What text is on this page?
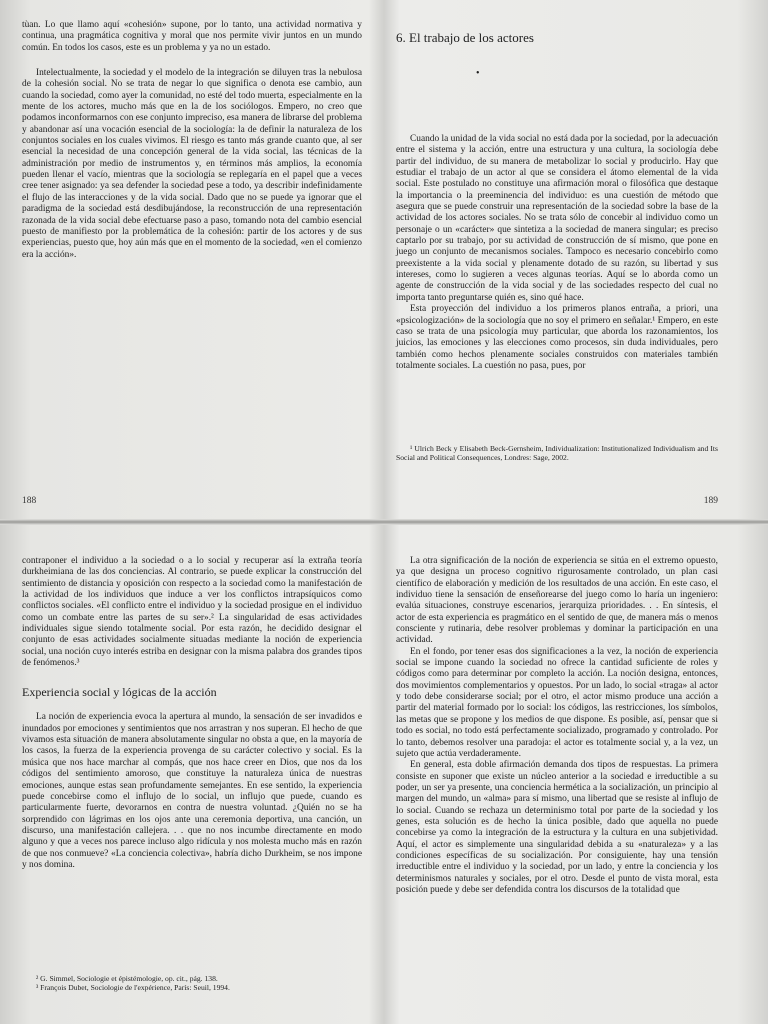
tùan. Lo que llamo aquí «cohesión» supone, por lo tanto, una actividad normativa y continua, una pragmática cognitiva y moral que nos permite vivir juntos en un mundo común. En todos los casos, este es un problema y ya no un estado.

Intelectualmente, la sociedad y el modelo de la integración se diluyen tras la nebulosa de la cohesión social. No se trata de negar lo que significa o denota ese cambio, aun cuando la sociedad, como ayer la comunidad, no esté del todo muerta, especialmente en la mente de los actores, mucho más que en la de los sociólogos. Empero, no creo que podamos inconformarnos con ese conjunto impreciso, esa manera de librarse del problema y abandonar así una vocación esencial de la sociología: la de definir la naturaleza de los conjuntos sociales en los cuales vivimos. El riesgo es tanto más grande cuanto que, al ser esencial la necesidad de una concepción general de la vida social, las técnicas de la administración por medio de instrumentos y, en términos más amplios, la economía pueden llenar el vacío, mientras que la sociología se replegaría en el papel que a veces cree tener asignado: ya sea defender la sociedad pese a todo, ya describir indefinidamente el flujo de las interacciones y de la vida social. Dado que no se puede ya ignorar que el paradigma de la sociedad está desdibujándose, la reconstrucción de una representación razonada de la vida social debe efectuarse paso a paso, tomando nota del cambio esencial puesto de manifiesto por la problemática de la cohesión: partir de los actores y de sus experiencias, puesto que, hoy aún más que en el momento de la sociedad, «en el comienzo era la acción».

188
6. El trabajo de los actores
•

Cuando la unidad de la vida social no está dada por la sociedad, por la adecuación entre el sistema y la acción, entre una estructura y una cultura, la sociología debe partir del individuo, de su manera de metabolizar lo social y producirlo. Hay que estudiar el trabajo de un actor al que se considera el átomo elemental de la vida social. Este postulado no constituye una afirmación moral o filosófica que destaque la importancia o la preeminencia del individuo: es una cuestión de método que asegura que se puede construir una representación de la sociedad sobre la base de la actividad de los actores sociales. No se trata sólo de concebir al individuo como un personaje o un «carácter» que sintetiza a la sociedad de manera singular; es preciso captarlo por su trabajo, por su actividad de construcción de sí mismo, que pone en juego un conjunto de mecanismos sociales. Tampoco es necesario concebirlo como preexistente a la vida social y plenamente dotado de su razón, su libertad y sus intereses, como lo sugieren a veces algunas teorías. Aquí se lo aborda como un agente de construcción de la vida social y de las sociedades respecto del cual no importa tanto preguntarse quién es, sino qué hace.

Esta proyección del individuo a los primeros planos entraña, a priori, una «psicologización» de la sociología que no soy el primero en señalar.¹ Empero, en este caso se trata de una psicología muy particular, que aborda los razonamientos, los juicios, las emociones y las elecciones como procesos, sin duda individuales, pero también como hechos plenamente sociales construidos con materiales también totalmente sociales. La cuestión no pasa, pues, por

¹ Ulrich Beck y Elisabeth Beck-Gernsheim, Individualization: Institutionalized Individualism and Its Social and Political Consequences, Londres: Sage, 2002.

189

contraponer el individuo a la sociedad o a lo social y recuperar así la extraña teoría durkheimiana de las dos conciencias. Al contrario, se puede explicar la construcción del sentimiento de distancia y oposición con respecto a la sociedad como la manifestación de la actividad de los individuos que induce a ver los conflictos intrapsíquicos como conflictos sociales. «El conflicto entre el individuo y la sociedad prosigue en el individuo como un combate entre las partes de su ser».² La singularidad de esas actividades individuales sigue siendo totalmente social. Por esta razón, he decidido designar el conjunto de esas actividades socialmente situadas mediante la noción de experiencia social, una noción cuyo interés estriba en designar con la misma palabra dos grandes tipos de fenómenos.³

Experiencia social y lógicas de la acción

La noción de experiencia evoca la apertura al mundo, la sensación de ser invadidos e inundados por emociones y sentimientos que nos arrastran y nos superan. El hecho de que vivamos esta situación de manera absolutamente singular no obsta a que, en la mayoría de los casos, la fuerza de la experiencia provenga de su carácter colectivo y social. Es la música que nos hace marchar al compás, que nos hace creer en Dios, que nos da los códigos del sentimiento amoroso, que constituye la naturaleza única de nuestras emociones, aunque estas sean profundamente semejantes. En ese sentido, la experiencia puede concebirse como el influjo de lo social, un influjo que puede, cuando es particularmente fuerte, devorarnos en contra de nuestra voluntad. ¿Quién no se ha sorprendido con lágrimas en los ojos ante una ceremonia deportiva, una canción, un discurso, una manifestación callejera. . . que no nos incumbe directamente en modo alguno y que a veces nos parece incluso algo ridícula y nos molesta mucho más en razón de que nos conmueve? «La conciencia colectiva», habría dicho Durkheim, se nos impone y nos domina.

² G. Simmel, Sociologie et épistémologie, op. cit., pág. 138.

³ François Dubet, Sociologie de l'expérience, París: Seuil, 1994.

La otra significación de la noción de experiencia se sitúa en el extremo opuesto, ya que designa un proceso cognitivo rigurosamente controlado, un plan casi científico de elaboración y medición de los resultados de una acción. En este caso, el individuo tiene la sensación de enseñorearse del juego como lo haría un ingeniero: evalúa situaciones, construye escenarios, jerarquiza prioridades. . . En síntesis, el actor de esta experiencia es pragmático en el sentido de que, de manera más o menos consciente y rutinaria, debe resolver problemas y dominar la participación en una actividad.

En el fondo, por tener esas dos significaciones a la vez, la noción de experiencia social se impone cuando la sociedad no ofrece la cantidad suficiente de roles y códigos como para determinar por completo la acción. La noción designa, entonces, dos movimientos complementarios y opuestos. Por un lado, lo social «traga» al actor y todo debe considerarse social; por el otro, el actor mismo produce una acción a partir del material formado por lo social: los códigos, las restricciones, los símbolos, las metas que se propone y los medios de que dispone. Es posible, así, pensar que si todo es social, no todo está perfectamente socializado, programado y controlado. Por lo tanto, debemos resolver una paradoja: el actor es totalmente social y, a la vez, un sujeto que actúa verdaderamente.

En general, esta doble afirmación demanda dos tipos de respuestas. La primera consiste en suponer que existe un núcleo anterior a la sociedad e irreductible a su poder, un ser ya presente, una conciencia hermética a la socialización, un principio al margen del mundo, un «alma» para sí mismo, una libertad que se resiste al influjo de lo social. Cuando se rechaza un determinismo total por parte de la sociedad y los genes, esta solución es de hecho la única posible, dado que aquella no puede concebirse ya como la integración de la estructura y la cultura en una subjetividad. Aquí, el actor es simplemente una singularidad debida a su «naturaleza» y a las condiciones específicas de su socialización. Por consiguiente, hay una tensión irreductible entre el individuo y la sociedad, por un lado, y entre la conciencia y los determinismos naturales y sociales, por el otro. Desde el punto de vista moral, esta posición puede y debe ser defendida contra los discursos de la totalidad que
